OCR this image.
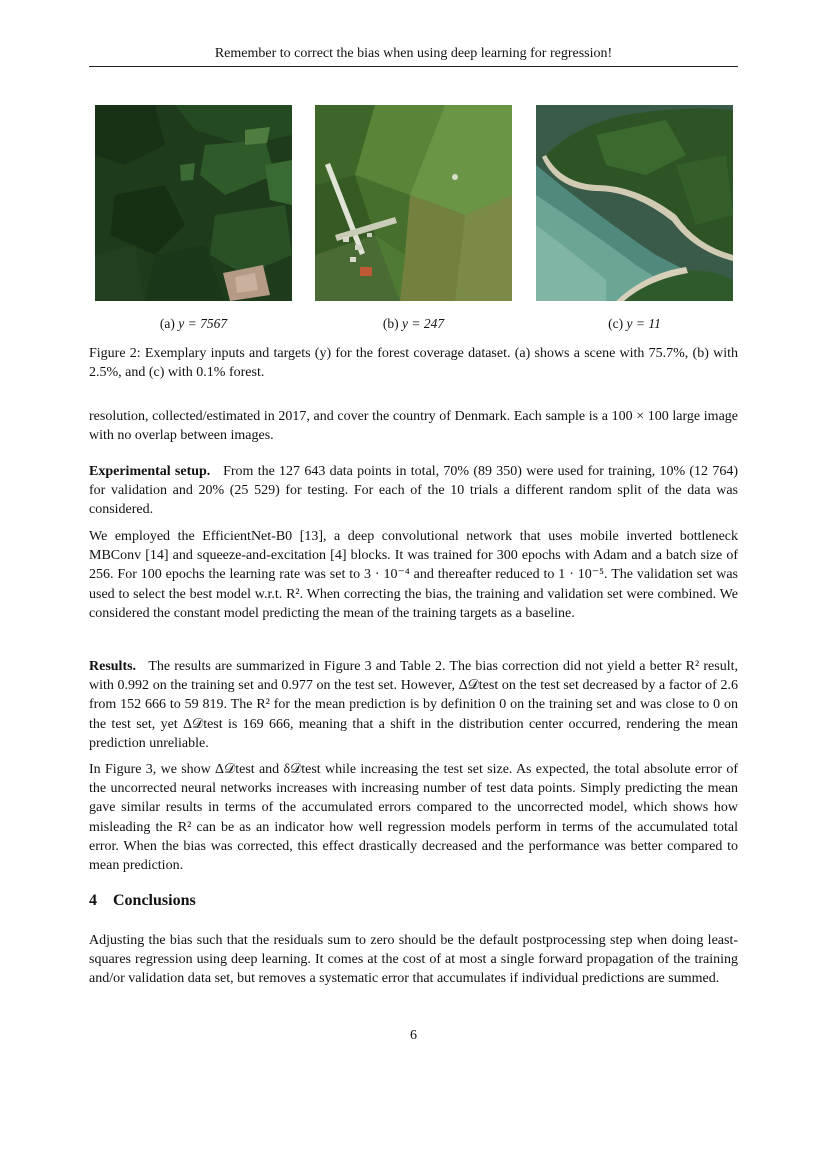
Remember to correct the bias when using deep learning for regression!
(a) y = 7567	(b) y = 247	(c) y = 11
Figure 2: Exemplary inputs and targets (y) for the forest coverage dataset. (a) shows a scene with 75.7%, (b) with 2.5%, and (c) with 0.1% forest.

resolution, collected/estimated in 2017, and cover the country of Denmark. Each sample is a 100 × 100 large image with no overlap between images.

Experimental setup. From the 127 643 data points in total, 70% (89 350) were used for training, 10% (12 764) for validation and 20% (25 529) for testing. For each of the 10 trials a different random split of the data was considered.

We employed the EfficientNet-B0 [13], a deep convolutional network that uses mobile inverted bottleneck MBConv [14] and squeeze-and-excitation [4] blocks. It was trained for 300 epochs with Adam and a batch size of 256. For 100 epochs the learning rate was set to 3 · 10⁻⁴ and thereafter reduced to 1 · 10⁻⁵. The validation set was used to select the best model w.r.t. R². When correcting the bias, the training and validation set were combined. We considered the constant model predicting the mean of the training targets as a baseline.

Results. The results are summarized in Figure 3 and Table 2. The bias correction did not yield a better R² result, with 0.992 on the training set and 0.977 on the test set. However, Δ𝒟test on the test set decreased by a factor of 2.6 from 152 666 to 59 819. The R² for the mean prediction is by definition 0 on the training set and was close to 0 on the test set, yet Δ𝒟test is 169 666, meaning that a shift in the distribution center occurred, rendering the mean prediction unreliable.

In Figure 3, we show Δ𝒟test and δ𝒟test while increasing the test set size. As expected, the total absolute error of the uncorrected neural networks increases with increasing number of test data points. Simply predicting the mean gave similar results in terms of the accumulated errors compared to the uncorrected model, which shows how misleading the R² can be as an indicator how well regression models perform in terms of the accumulated total error. When the bias was corrected, this effect drastically decreased and the performance was better compared to mean prediction.

4 Conclusions

Adjusting the bias such that the residuals sum to zero should be the default postprocessing step when doing least-squares regression using deep learning. It comes at the cost of at most a single forward propagation of the training and/or validation data set, but removes a systematic error that accumulates if individual predictions are summed.

6
